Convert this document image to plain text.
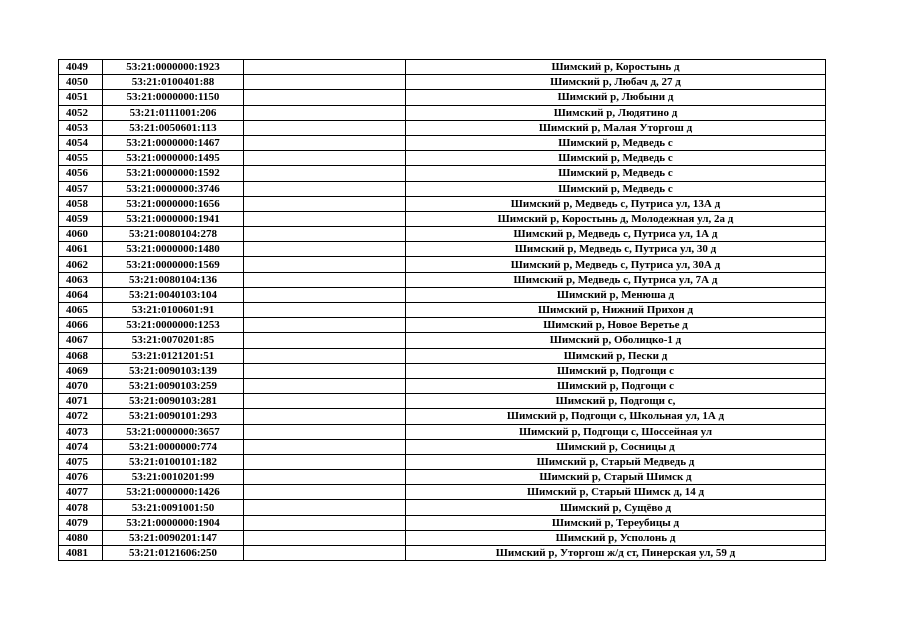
4049	53:21:0000000:1923		Шимский р, Коростынь д
4050	53:21:0100401:88		Шимский р, Любач д, 27 д
4051	53:21:0000000:1150		Шимский р, Любыни д
4052	53:21:0111001:206		Шимский р, Людятино д
4053	53:21:0050601:113		Шимский р, Малая Уторгош д
4054	53:21:0000000:1467		Шимский р, Медведь с
4055	53:21:0000000:1495		Шимский р, Медведь с
4056	53:21:0000000:1592		Шимский р, Медведь с
4057	53:21:0000000:3746		Шимский р, Медведь с
4058	53:21:0000000:1656		Шимский р, Медведь с, Путриса ул, 13А д
4059	53:21:0000000:1941		Шимский р, Коростынь д, Молодежная ул, 2а д
4060	53:21:0080104:278		Шимский р, Медведь с, Путриса ул, 1А д
4061	53:21:0000000:1480		Шимский р, Медведь с, Путриса ул, 30 д
4062	53:21:0000000:1569		Шимский р, Медведь с, Путриса ул, 30А д
4063	53:21:0080104:136		Шимский р, Медведь с, Путриса ул, 7А д
4064	53:21:0040103:104		Шимский р, Менюша д
4065	53:21:0100601:91		Шимский р, Нижний Прихон д
4066	53:21:0000000:1253		Шимский р, Новое Веретье д
4067	53:21:0070201:85		Шимский р, Оболицко-1 д
4068	53:21:0121201:51		Шимский р, Пески д
4069	53:21:0090103:139		Шимский р, Подгощи с
4070	53:21:0090103:259		Шимский р, Подгощи с
4071	53:21:0090103:281		Шимский р, Подгощи с,
4072	53:21:0090101:293		Шимский р, Подгощи с, Школьная ул, 1А д
4073	53:21:0000000:3657		Шимский р, Подгощи с, Шоссейная ул
4074	53:21:0000000:774		Шимский р, Сосницы д
4075	53:21:0100101:182		Шимский р, Старый Медведь д
4076	53:21:0010201:99		Шимский р, Старый Шимск д
4077	53:21:0000000:1426		Шимский р, Старый Шимск д, 14 д
4078	53:21:0091001:50		Шимский р, Сущёво д
4079	53:21:0000000:1904		Шимский р, Тереубицы д
4080	53:21:0090201:147		Шимский р, Усполонь д
4081	53:21:0121606:250		Шимский р, Уторгош ж/д ст, Пинерская ул, 59 д
